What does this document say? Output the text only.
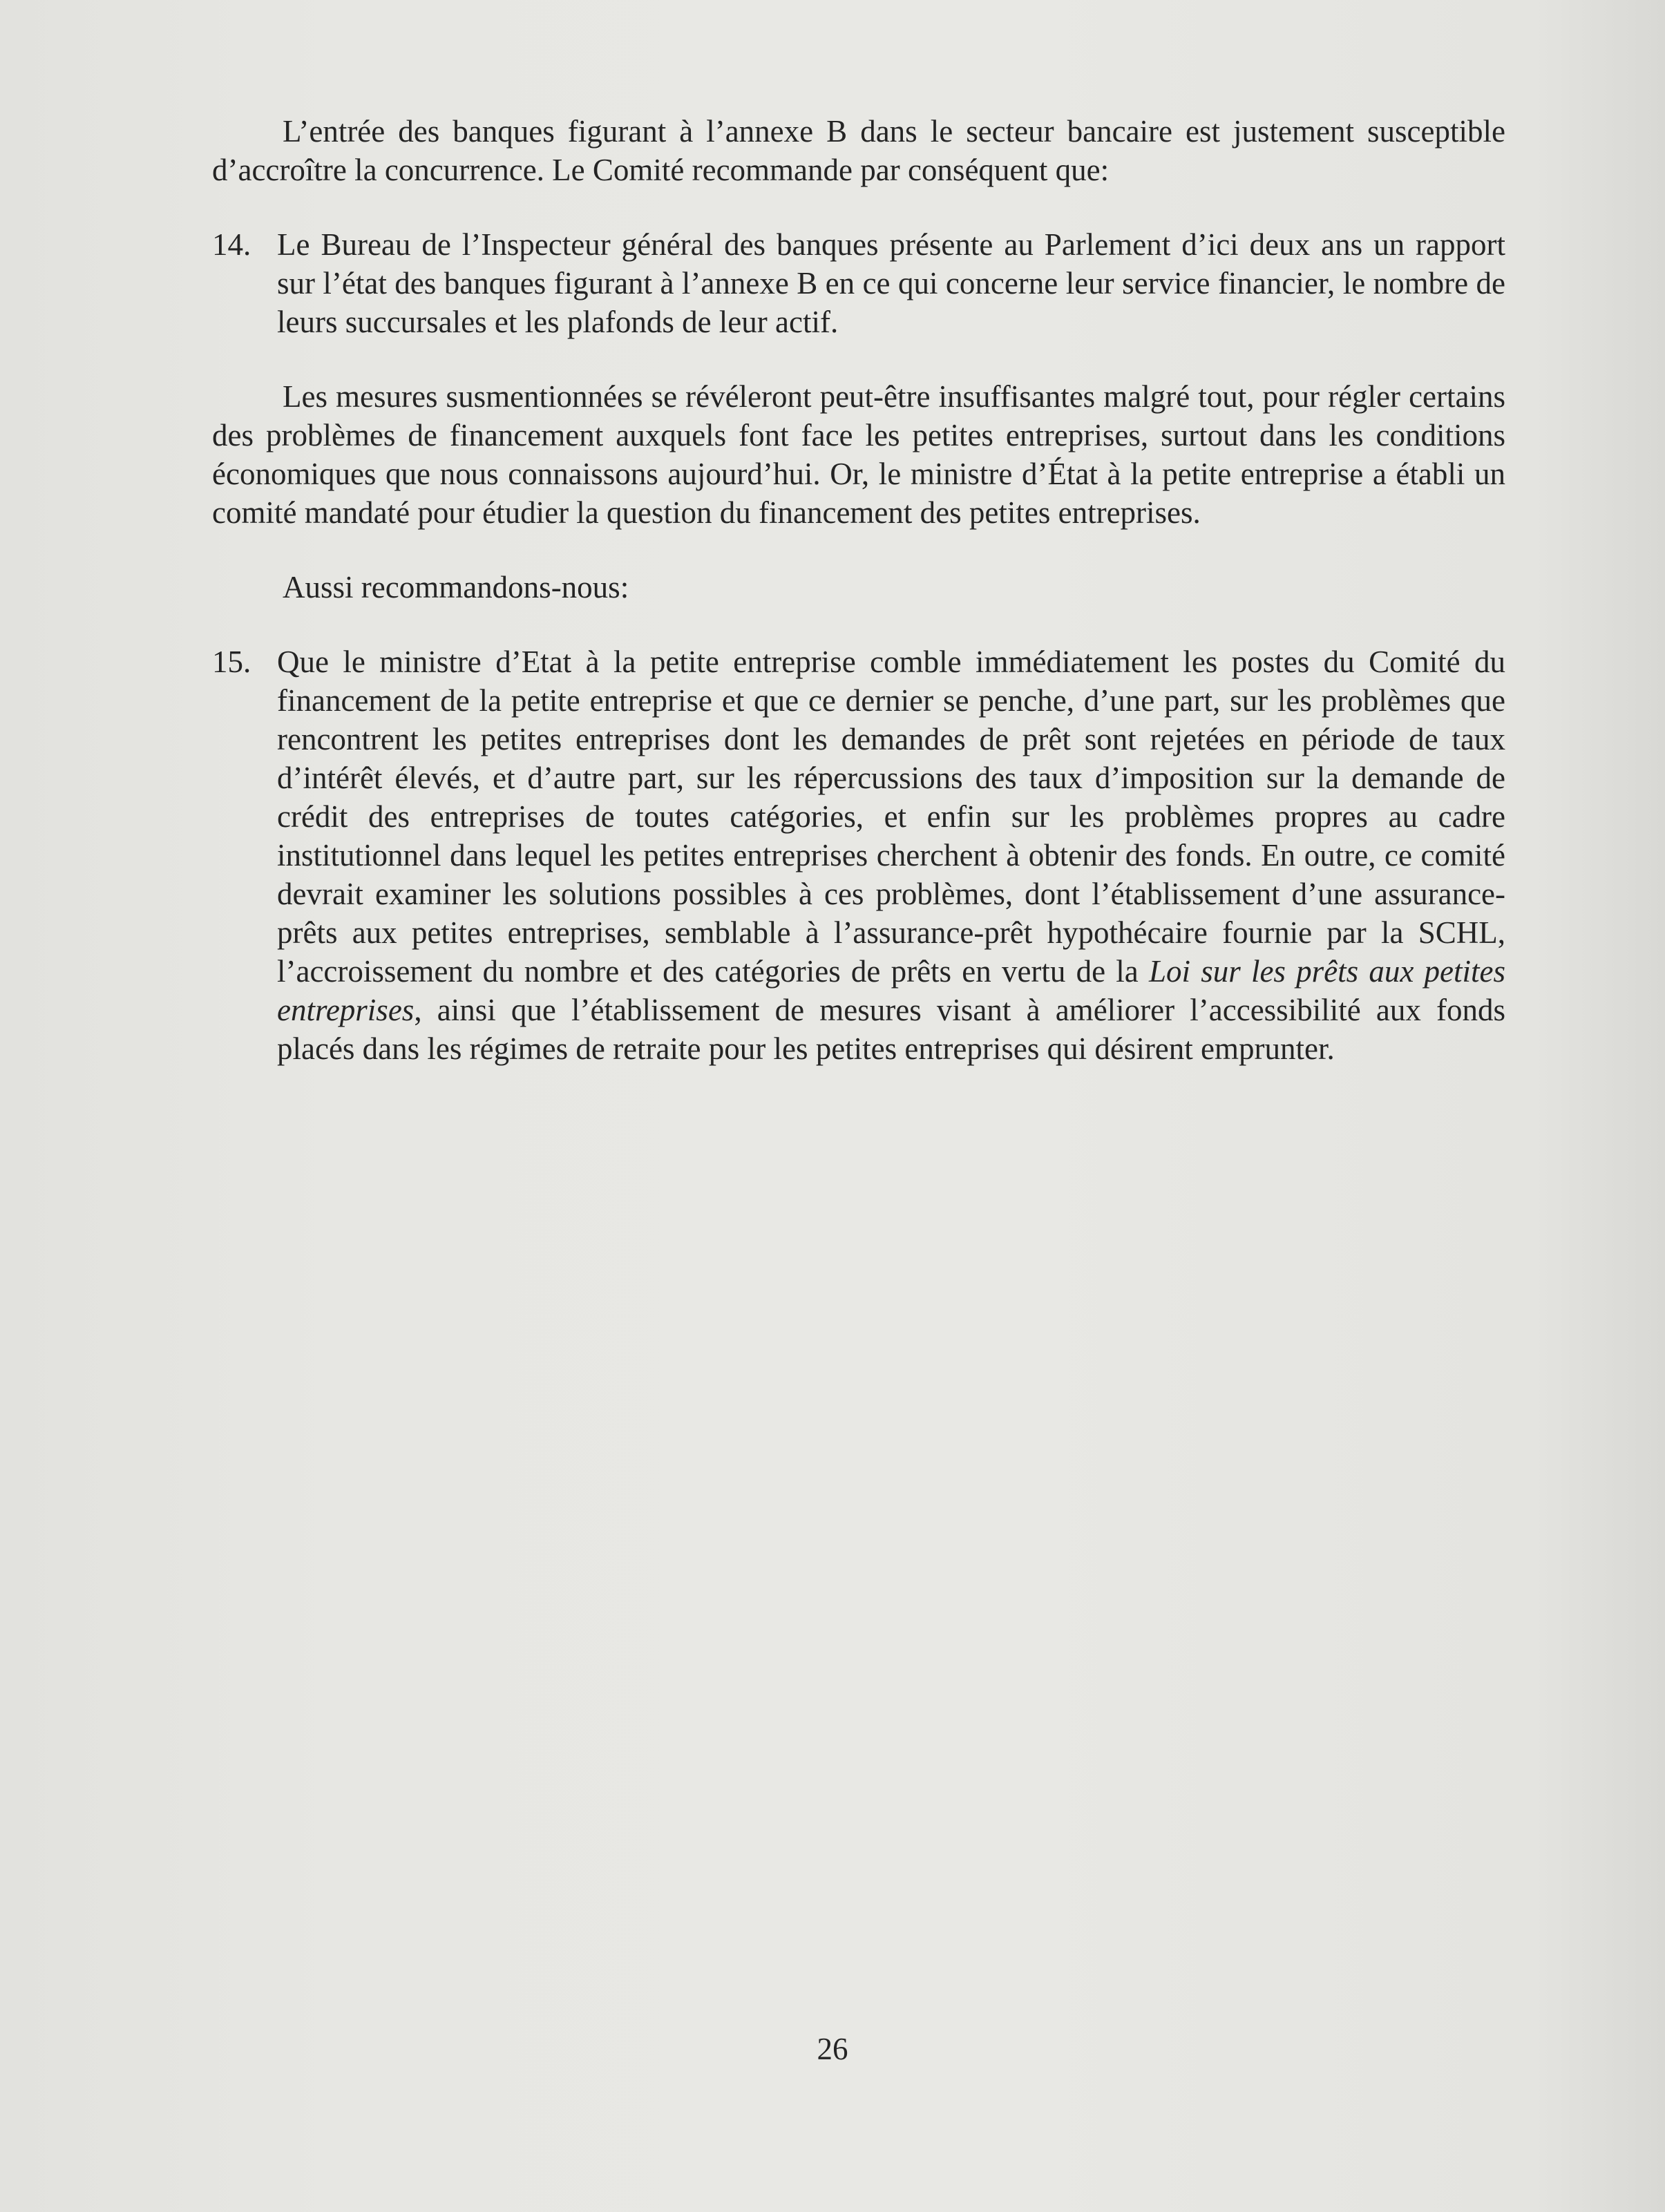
L’entrée des banques figurant à l’annexe B dans le secteur bancaire est justement susceptible d’accroître la concurrence. Le Comité recommande par conséquent que:

14. Le Bureau de l’Inspecteur général des banques présente au Parlement d’ici deux ans un rapport sur l’état des banques figurant à l’annexe B en ce qui concerne leur service financier, le nombre de leurs succursales et les plafonds de leur actif.

Les mesures susmentionnées se révéleront peut-être insuffisantes malgré tout, pour régler certains des problèmes de financement auxquels font face les petites entreprises, surtout dans les conditions économiques que nous connaissons aujourd’hui. Or, le ministre d’État à la petite entreprise a établi un comité mandaté pour étudier la question du financement des petites entreprises.

Aussi recommandons-nous:

15. Que le ministre d’Etat à la petite entreprise comble immédiatement les postes du Comité du financement de la petite entreprise et que ce dernier se penche, d’une part, sur les problèmes que rencontrent les petites entreprises dont les demandes de prêt sont rejetées en période de taux d’intérêt élevés, et d’autre part, sur les répercussions des taux d’imposition sur la demande de crédit des entreprises de toutes catégories, et enfin sur les problèmes propres au cadre institutionnel dans lequel les petites entreprises cherchent à obtenir des fonds. En outre, ce comité devrait examiner les solutions possibles à ces problèmes, dont l’établissement d’une assurance-prêts aux petites entreprises, semblable à l’assurance-prêt hypothécaire fournie par la SCHL, l’accroissement du nombre et des catégories de prêts en vertu de la Loi sur les prêts aux petites entreprises, ainsi que l’établissement de mesures visant à améliorer l’accessibilité aux fonds placés dans les régimes de retraite pour les petites entreprises qui désirent emprunter.
26
